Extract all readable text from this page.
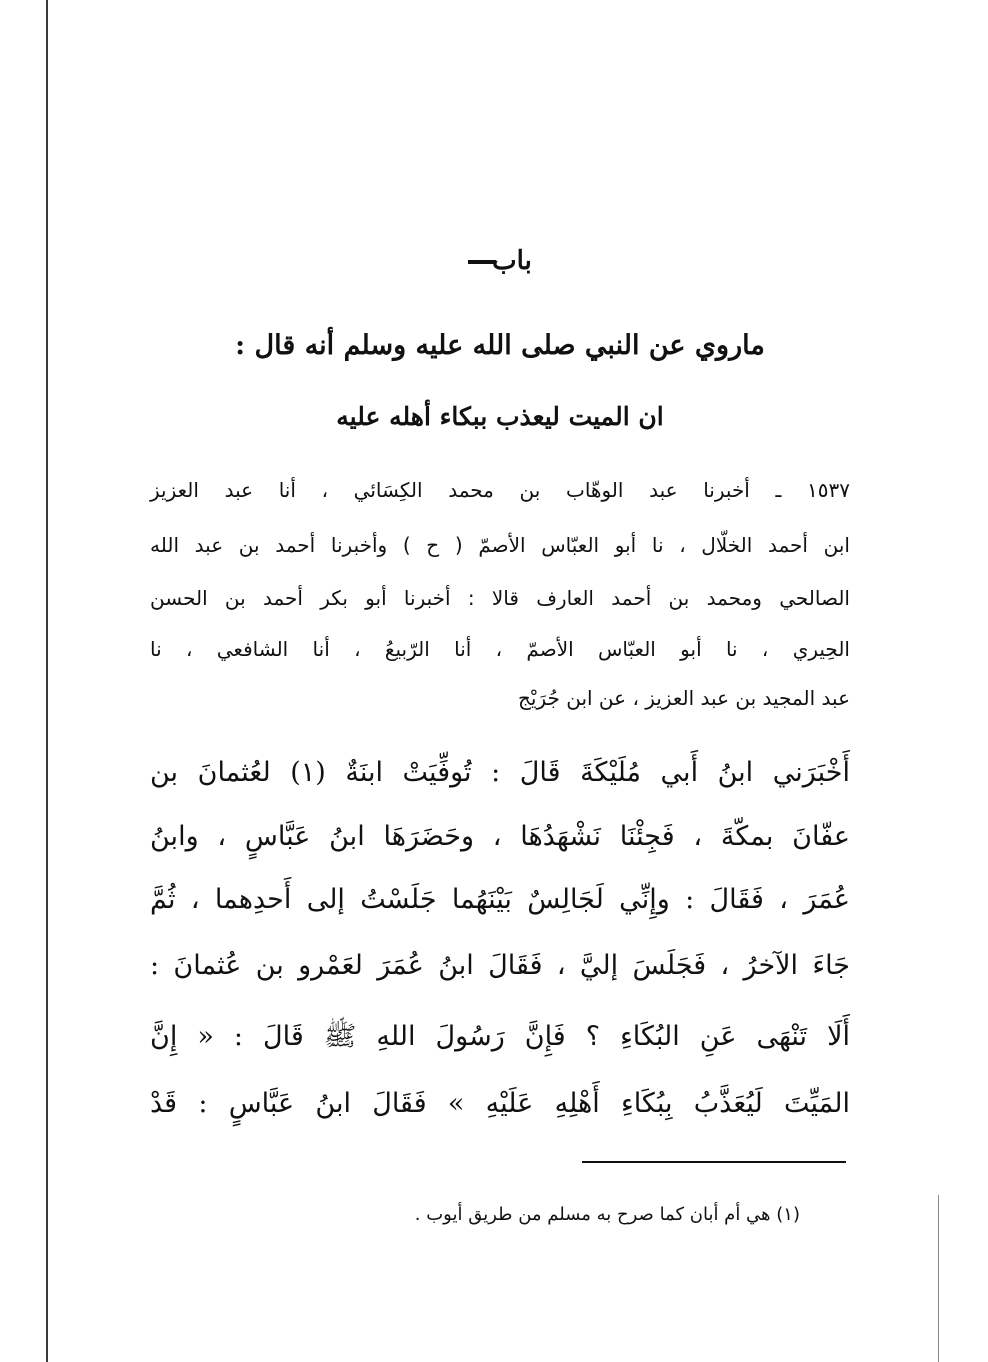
باب
ماروي عن النبي صلى الله عليه وسلم أنه قال :
ان الميت ليعذب ببكاء أهله عليه
١٥٣٧ ـ أخبرنا عبد الوهّاب بن محمد الكِسَائي ، أنا عبد العزيز
ابن أحمد الخلّال ، نا أبو العبّاس الأصمّ ( ح ) وأخبرنا أحمد بن عبد الله
الصالحي ومحمد بن أحمد العارف قالا : أخبرنا أبو بكر أحمد بن الحسن
الحِيري ، نا أبو العبّاس الأصمّ ، أنا الرّبيعُ ، أنا الشافعي ، نا
عبد المجيد بن عبد العزيز ، عن ابن جُرَيْج
أَخْبَرَني ابنُ أَبي مُلَيْكَةَ قَالَ : تُوفِّيَتْ ابنَةٌ (١) لعُثمانَ بن
عفّانَ بمكّةَ ، فَجِئْنَا نَشْهَدُهَا ، وحَضَرَهَا ابنُ عَبَّاسٍ ، وابنُ
عُمَرَ ، فَقَالَ : وإِنِّي لَجَالِسٌ بَيْنَهُما جَلَسْتُ إلى أَحدِهما ، ثُمَّ
جَاءَ الآخرُ ، فَجَلَسَ إليَّ ، فَقَالَ ابنُ عُمَرَ لعَمْرو بن عُثمانَ :
أَلَا تَنْهَى عَنِ البُكَاءِ ؟ فَإِنَّ رَسُولَ اللهِ ﷺ قَالَ : « إِنَّ
المَيِّتَ لَيُعَذَّبُ بِبُكَاءِ أَهْلِهِ عَلَيْهِ » فَقَالَ ابنُ عَبَّاسٍ : قَدْ
(١) هي أم أبان كما صرح به مسلم من طريق أيوب .
